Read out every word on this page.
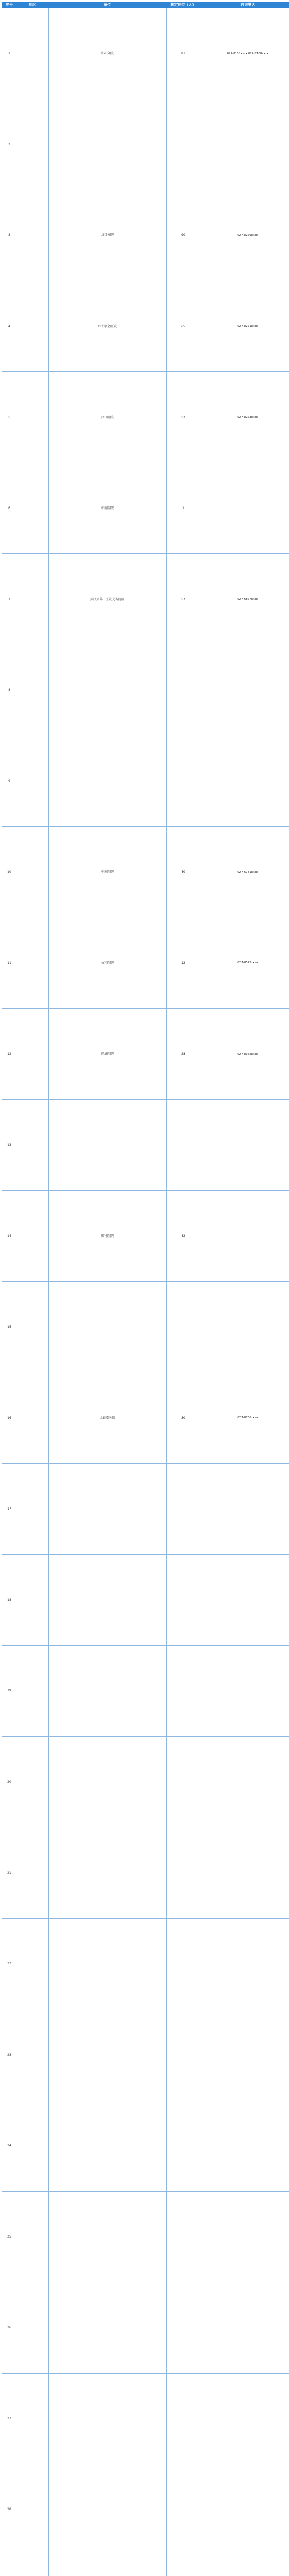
序号	地区	单位	核定床位（人）	咨询电话
1		中心分院	81	027-8108xxxx 027-8108xxxx
2				
3		汉口分院	90	027-8279xxxx
4		红十字会医院	65	027-8271xxxx
5		汉口医院	53	027-8273xxxx
6		中南医院	1	
7		武汉市第三医院光谷院区	57	027-6877xxxx
8				
9				
10		中南医院	40	027-6781xxxx
11		协和医院	12	027-8572xxxx
12		同济医院	28	027-8362xxxx
13				
14		肺科医院	42	
15				
16		金银潭医院	30	027-8766xxxx
17				
18				
19				
20				
21				
22				
23				
24				
25				
26				
27				
28				
